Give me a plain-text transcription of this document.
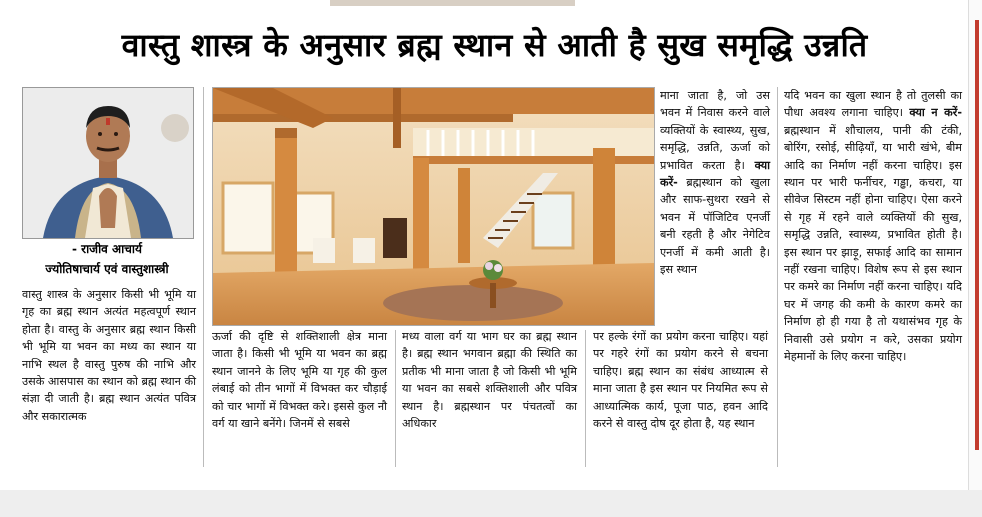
वास्तु शास्त्र के अनुसार ब्रह्म स्थान से आती है सुख समृद्धि उन्नति
- राजीव आचार्य
ज्योतिषाचार्य एवं वास्तुशास्त्री

वास्तु शास्त्र के अनुसार किसी भी भूमि या गृह का ब्रह्म स्थान अत्यंत महत्वपूर्ण स्थान होता है। वास्तु के अनुसार ब्रह्म स्थान किसी भी भूमि या भवन का मध्य का स्थान या नाभि स्थल है वास्तु पुरुष की नाभि और उसके आसपास का स्थान को ब्रह्म स्थान की संज्ञा दी जाती है। ब्रह्म स्थान अत्यंत पवित्र और सकारात्मक

ऊर्जा की दृष्टि से शक्तिशाली क्षेत्र माना जाता है। किसी भी भूमि या भवन का ब्रह्म स्थान जानने के लिए भूमि या गृह की कुल लंबाई को तीन भागों में विभक्त कर चौड़ाई को चार भागों में विभक्त करे। इससे कुल नौ वर्ग या खाने बनेंगे। जिनमें से सबसे

मध्य वाला वर्ग या भाग घर का ब्रह्म स्थान है। ब्रह्म स्थान भगवान ब्रह्मा की स्थिति का प्रतीक भी माना जाता है जो किसी भी भूमि या भवन का सबसे शक्तिशाली और पवित्र स्थान है। ब्रह्मस्थान पर पंचतत्वों का अधिकार

पर हल्के रंगों का प्रयोग करना चाहिए। यहां पर गहरे रंगों का प्रयोग करने से बचना चाहिए। ब्रह्म स्थान का संबंध आध्यात्म से माना जाता है इस स्थान पर नियमित रूप से आध्यात्मिक कार्य, पूजा पाठ, हवन आदि करने से वास्तु दोष दूर होता है, यह स्थान

माना जाता है, जो उस भवन में निवास करने वाले व्यक्तियों के स्वास्थ्य, सुख, समृद्धि, उन्नति, ऊर्जा को प्रभावित करता है। क्या करें- ब्रह्मस्थान को खुला और साफ-सुथरा रखने से भवन में पॉजिटिव एनर्जी बनी रहती है और नेगेटिव एनर्जी में कमी आती है। इस स्थान

यदि भवन का खुला स्थान है तो तुलसी का पौधा अवश्य लगाना चाहिए। क्या न करें- ब्रह्मस्थान में शौचालय, पानी की टंकी, बोरिंग, रसोई, सीढ़ियाँ, या भारी खंभे, बीम आदि का निर्माण नहीं करना चाहिए। इस स्थान पर भारी फर्नीचर, गड्ढा, कचरा, या सीवेज सिस्टम नहीं होना चाहिए। ऐसा करने से गृह में रहने वाले व्यक्तियों की सुख, समृद्धि उन्नति, स्वास्थ्य, प्रभावित होती है। इस स्थान पर झाड़ू, सफाई आदि का सामान नहीं रखना चाहिए। विशेष रूप से इस स्थान पर कमरे का निर्माण नहीं करना चाहिए। यदि घर में जगह की कमी के कारण कमरे का निर्माण हो ही गया है तो यथासंभव गृह के निवासी उसे प्रयोग न करे, उसका प्रयोग मेहमानों के लिए करना चाहिए।
